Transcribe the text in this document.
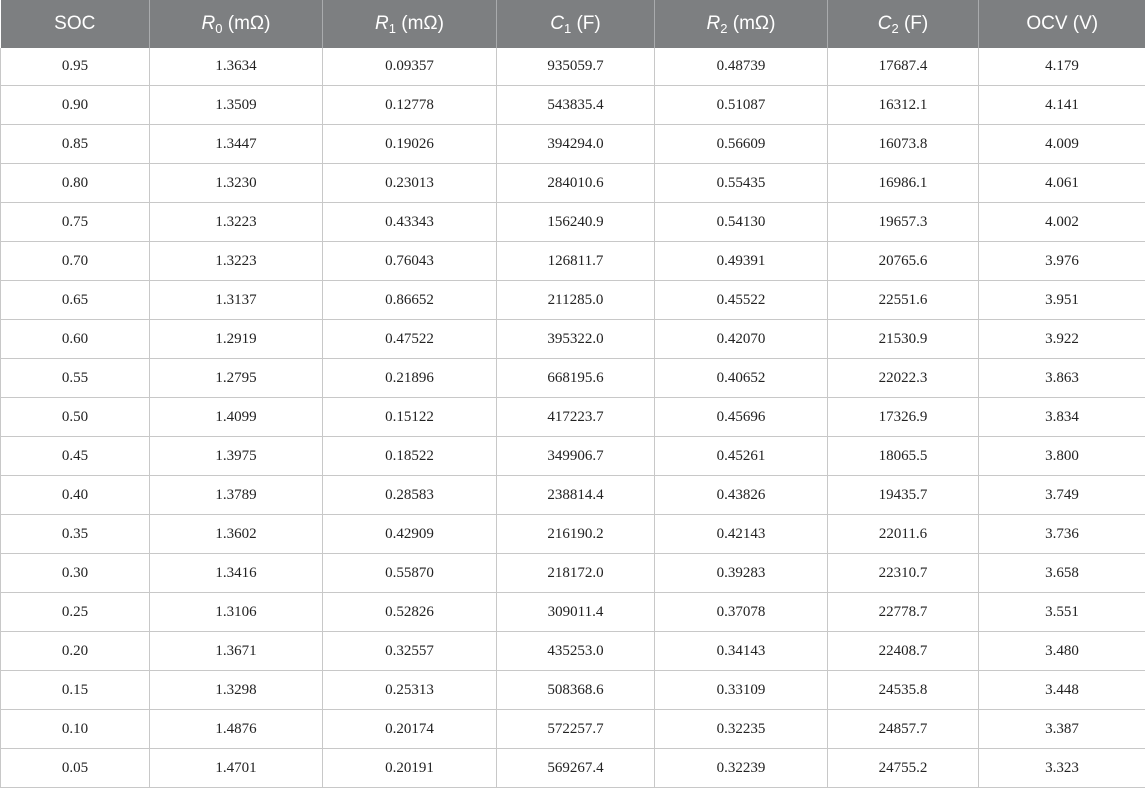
SOC	$R_0$ (mΩ)	$R_1$ (mΩ)	$C_1$ (F)	$R_2$ (mΩ)	$C_2$ (F)	OCV (V)
0.95	1.3634	0.09357	935059.7	0.48739	17687.4	4.179
0.90	1.3509	0.12778	543835.4	0.51087	16312.1	4.141
0.85	1.3447	0.19026	394294.0	0.56609	16073.8	4.009
0.80	1.3230	0.23013	284010.6	0.55435	16986.1	4.061
0.75	1.3223	0.43343	156240.9	0.54130	19657.3	4.002
0.70	1.3223	0.76043	126811.7	0.49391	20765.6	3.976
0.65	1.3137	0.86652	211285.0	0.45522	22551.6	3.951
0.60	1.2919	0.47522	395322.0	0.42070	21530.9	3.922
0.55	1.2795	0.21896	668195.6	0.40652	22022.3	3.863
0.50	1.4099	0.15122	417223.7	0.45696	17326.9	3.834
0.45	1.3975	0.18522	349906.7	0.45261	18065.5	3.800
0.40	1.3789	0.28583	238814.4	0.43826	19435.7	3.749
0.35	1.3602	0.42909	216190.2	0.42143	22011.6	3.736
0.30	1.3416	0.55870	218172.0	0.39283	22310.7	3.658
0.25	1.3106	0.52826	309011.4	0.37078	22778.7	3.551
0.20	1.3671	0.32557	435253.0	0.34143	22408.7	3.480
0.15	1.3298	0.25313	508368.6	0.33109	24535.8	3.448
0.10	1.4876	0.20174	572257.7	0.32235	24857.7	3.387
0.05	1.4701	0.20191	569267.4	0.32239	24755.2	3.323
